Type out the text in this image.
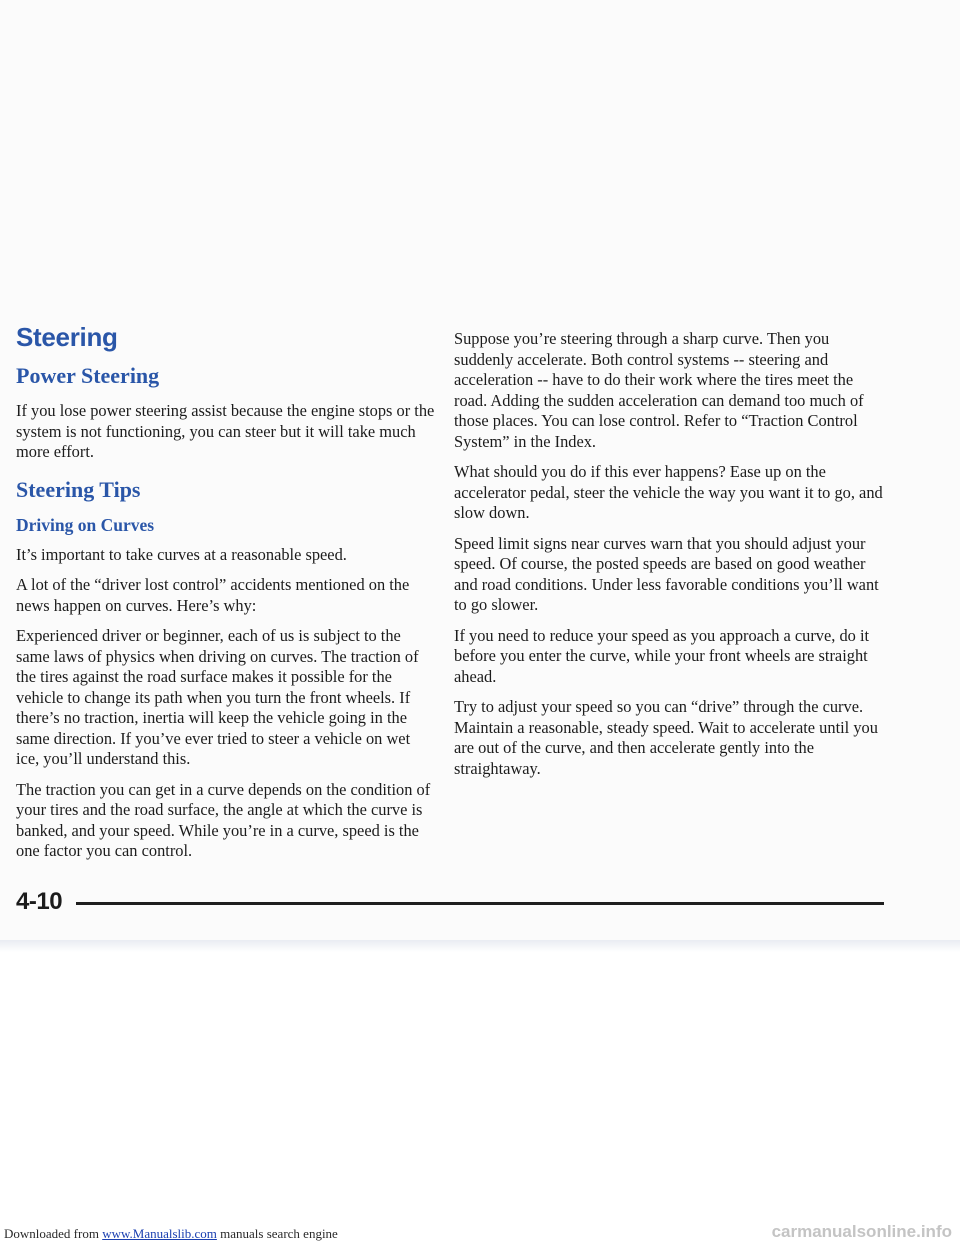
Steering
Power Steering

If you lose power steering assist because the engine stops or the system is not functioning, you can steer but it will take much more effort.

Steering Tips
Driving on Curves

It’s important to take curves at a reasonable speed.

A lot of the “driver lost control” accidents mentioned on the news happen on curves. Here’s why:

Experienced driver or beginner, each of us is subject to the same laws of physics when driving on curves. The traction of the tires against the road surface makes it possible for the vehicle to change its path when you turn the front wheels. If there’s no traction, inertia will keep the vehicle going in the same direction. If you’ve ever tried to steer a vehicle on wet ice, you’ll understand this.

The traction you can get in a curve depends on the condition of your tires and the road surface, the angle at which the curve is banked, and your speed. While you’re in a curve, speed is the one factor you can control.

Suppose you’re steering through a sharp curve. Then you suddenly accelerate. Both control systems -- steering and acceleration -- have to do their work where the tires meet the road. Adding the sudden acceleration can demand too much of those places. You can lose control. Refer to “Traction Control System” in the Index.

What should you do if this ever happens? Ease up on the accelerator pedal, steer the vehicle the way you want it to go, and slow down.

Speed limit signs near curves warn that you should adjust your speed. Of course, the posted speeds are based on good weather and road conditions. Under less favorable conditions you’ll want to go slower.

If you need to reduce your speed as you approach a curve, do it before you enter the curve, while your front wheels are straight ahead.

Try to adjust your speed so you can “drive” through the curve. Maintain a reasonable, steady speed. Wait to accelerate until you are out of the curve, and then accelerate gently into the straightaway.

4-10
Downloaded from www.Manualslib.com manuals search engine	carmanualsonline.info
